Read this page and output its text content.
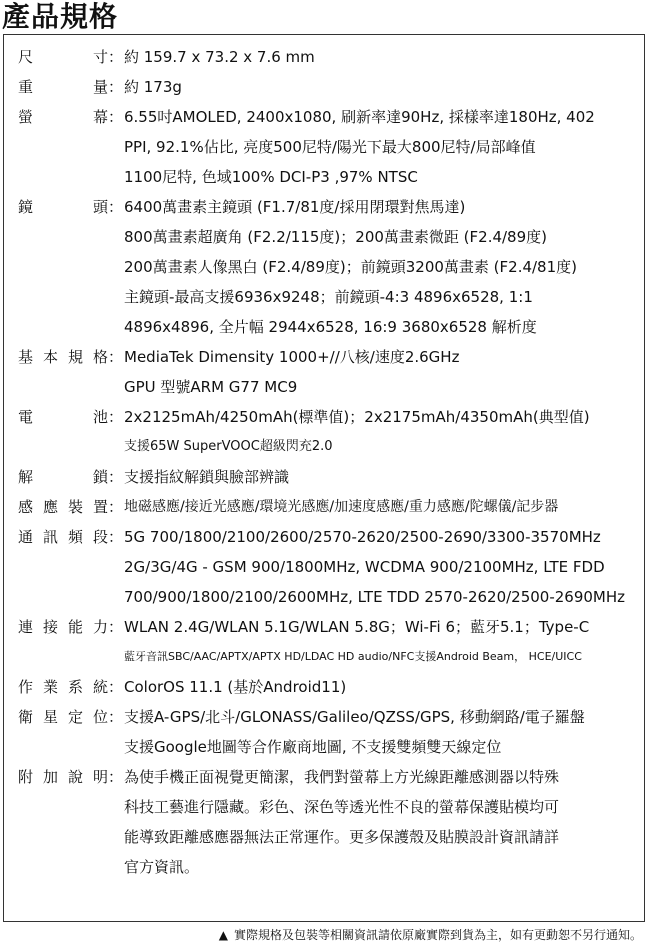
產品規格
尺寸 ： 約 159.7 x 73.2 x 7.6 mm
重量 ： 約 173g
螢幕 ： 6.55吋AMOLED, 2400x1080, 刷新率達90Hz, 採樣率達180Hz, 402
PPI, 92.1%佔比, 亮度500尼特/陽光下最大800尼特/局部峰值
1100尼特, 色域100% DCI-P3 ,97% NTSC
鏡頭 ： 6400萬畫素主鏡頭 (F1.7/81度/採用閉環對焦馬達)
800萬畫素超廣角 (F2.2/115度)；200萬畫素微距 (F2.4/89度)
200萬畫素人像黑白 (F2.4/89度)；前鏡頭3200萬畫素 (F2.4/81度)
主鏡頭-最高支援6936x9248；前鏡頭-4:3 4896x6528, 1:1
4896x4896, 全片幅 2944x6528, 16:9 3680x6528 解析度
基本規格 ： MediaTek Dimensity 1000+//八核/速度2.6GHz
GPU 型號ARM G77 MC9
電池 ： 2x2125mAh/4250mAh(標準值)；2x2175mAh/4350mAh(典型值)
支援65W SuperVOOC超級閃充2.0
解鎖 ： 支援指紋解鎖與臉部辨識
感應裝置 ： 地磁感應/接近光感應/環境光感應/加速度感應/重力感應/陀螺儀/記步器
通訊頻段 ： 5G 700/1800/2100/2600/2570-2620/2500-2690/3300-3570MHz
2G/3G/4G - GSM 900/1800MHz, WCDMA 900/2100MHz, LTE FDD
700/900/1800/2100/2600MHz, LTE TDD 2570-2620/2500-2690MHz
連接能力 ： WLAN 2.4G/WLAN 5.1G/WLAN 5.8G；Wi-Fi 6；藍牙5.1；Type-C
藍牙音訊SBC/AAC/APTX/APTX HD/LDAC HD audio/NFC支援Android Beam， HCE/UICC
作業系統 ： ColorOS 11.1 (基於Android11)
衛星定位 ： 支援A-GPS/北斗/GLONASS/Galileo/QZSS/GPS, 移動網路/電子羅盤
支援Google地圖等合作廠商地圖, 不支援雙頻雙天線定位
附加說明 ： 為使手機正面視覺更簡潔，我們對螢幕上方光線距離感測器以特殊
科技工藝進行隱藏。彩色、深色等透光性不良的螢幕保護貼模均可
能導致距離感應器無法正常運作。更多保護殼及貼膜設計資訊請詳
官方資訊。
▲ 實際規格及包裝等相關資訊請依原廠實際到貨為主，如有更動恕不另行通知。
